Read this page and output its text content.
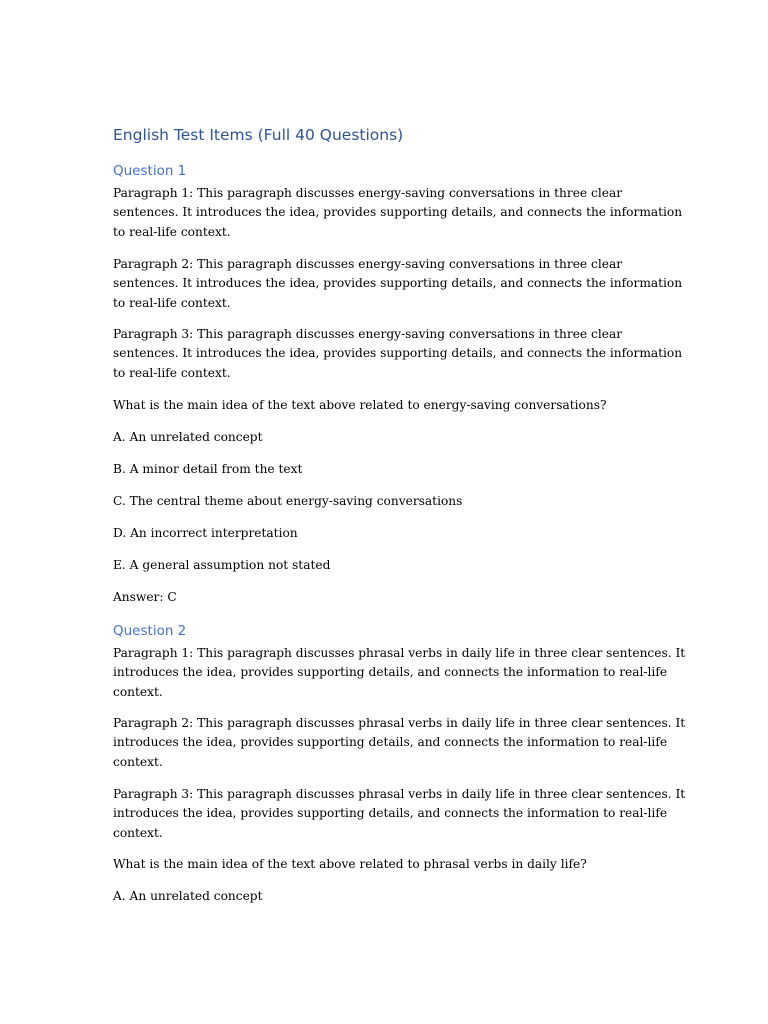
English Test Items (Full 40 Questions)
Question 1

Paragraph 1: This paragraph discusses energy-saving conversations in three clear
sentences. It introduces the idea, provides supporting details, and connects the information
to real-life context.

Paragraph 2: This paragraph discusses energy-saving conversations in three clear
sentences. It introduces the idea, provides supporting details, and connects the information
to real-life context.

Paragraph 3: This paragraph discusses energy-saving conversations in three clear
sentences. It introduces the idea, provides supporting details, and connects the information
to real-life context.

What is the main idea of the text above related to energy-saving conversations?

A. An unrelated concept

B. A minor detail from the text

C. The central theme about energy-saving conversations

D. An incorrect interpretation

E. A general assumption not stated

Answer: C

Question 2

Paragraph 1: This paragraph discusses phrasal verbs in daily life in three clear sentences. It
introduces the idea, provides supporting details, and connects the information to real-life
context.

Paragraph 2: This paragraph discusses phrasal verbs in daily life in three clear sentences. It
introduces the idea, provides supporting details, and connects the information to real-life
context.

Paragraph 3: This paragraph discusses phrasal verbs in daily life in three clear sentences. It
introduces the idea, provides supporting details, and connects the information to real-life
context.

What is the main idea of the text above related to phrasal verbs in daily life?

A. An unrelated concept
